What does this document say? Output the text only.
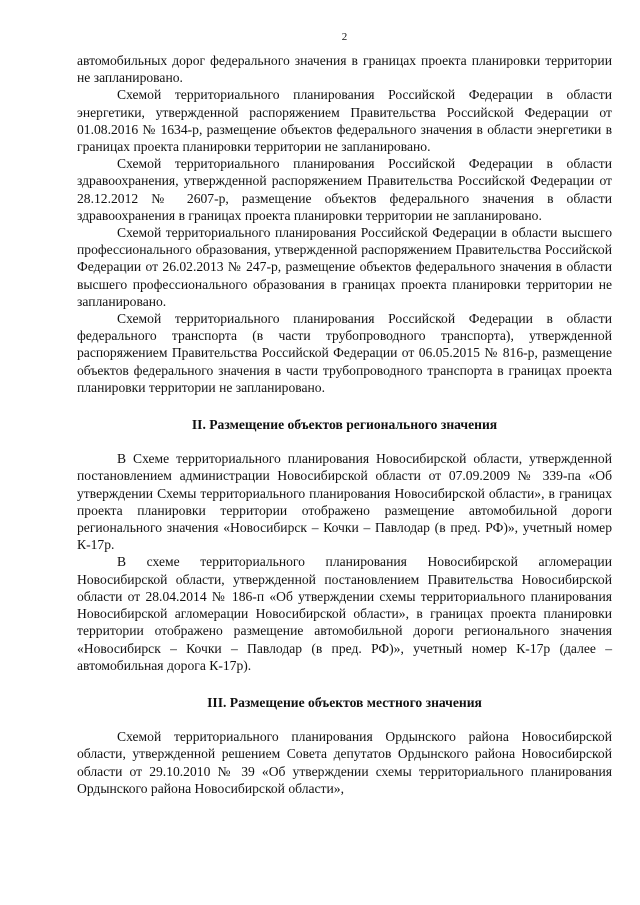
2

автомобильных дорог федерального значения в границах проекта планировки территории не запланировано.

Схемой территориального планирования Российской Федерации в области энергетики, утвержденной распоряжением Правительства Российской Федерации от 01.08.2016 № 1634-р, размещение объектов федерального значения в области энергетики в границах проекта планировки территории не запланировано.

Схемой территориального планирования Российской Федерации в области здравоохранения, утвержденной распоряжением Правительства Российской Федерации от 28.12.2012 № 2607-р, размещение объектов федерального значения в области здравоохранения в границах проекта планировки территории не запланировано.

Схемой территориального планирования Российской Федерации в области высшего профессионального образования, утвержденной распоряжением Правительства Российской Федерации от 26.02.2013 № 247-р, размещение объектов федерального значения в области высшего профессионального образования в границах проекта планировки территории не запланировано.

Схемой территориального планирования Российской Федерации в области федерального транспорта (в части трубопроводного транспорта), утвержденной распоряжением Правительства Российской Федерации от 06.05.2015 № 816-р, размещение объектов федерального значения в части трубопроводного транспорта в границах проекта планировки территории не запланировано.

II. Размещение объектов регионального значения

В Схеме территориального планирования Новосибирской области, утвержденной постановлением администрации Новосибирской области от 07.09.2009 № 339-па «Об утверждении Схемы территориального планирования Новосибирской области», в границах проекта планировки территории отображено размещение автомобильной дороги регионального значения «Новосибирск – Кочки – Павлодар (в пред. РФ)», учетный номер К-17р.

В схеме территориального планирования Новосибирской агломерации Новосибирской области, утвержденной постановлением Правительства Новосибирской области от 28.04.2014 № 186-п «Об утверждении схемы территориального планирования Новосибирской агломерации Новосибирской области», в границах проекта планировки территории отображено размещение автомобильной дороги регионального значения «Новосибирск – Кочки – Павлодар (в пред. РФ)», учетный номер К-17р (далее – автомобильная дорога К-17р).

III. Размещение объектов местного значения

Схемой территориального планирования Ордынского района Новосибирской области, утвержденной решением Совета депутатов Ордынского района Новосибирской области от 29.10.2010 № 39 «Об утверждении схемы территориального планирования Ордынского района Новосибирской области»,
